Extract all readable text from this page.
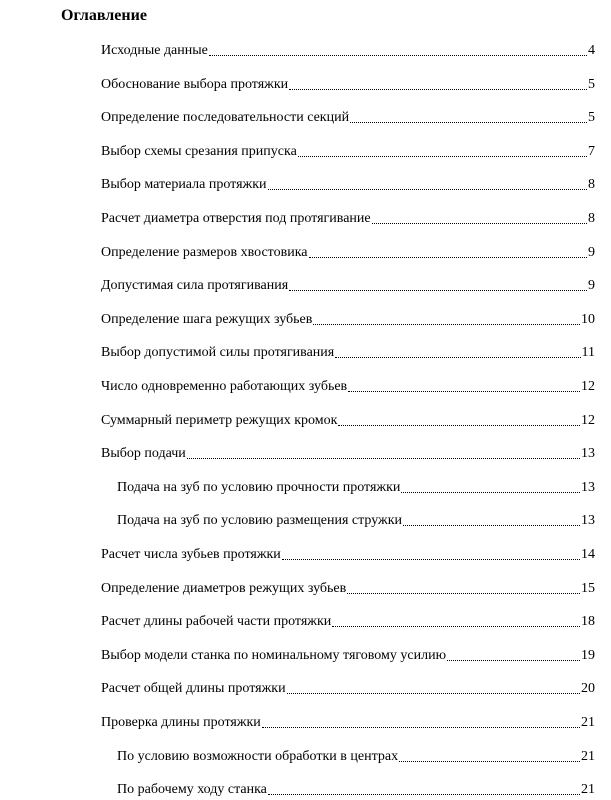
Оглавление
Исходные данные	4
Обоснование выбора протяжки	5
Определение последовательности секций	5
Выбор схемы срезания припуска	7
Выбор материала протяжки	8
Расчет диаметра отверстия под протягивание	8
Определение размеров хвостовика	9
Допустимая сила протягивания	9
Определение шага режущих зубьев	10
Выбор допустимой силы протягивания	11
Число одновременно работающих зубьев	12
Суммарный периметр режущих кромок	12
Выбор подачи	13
Подача на зуб по условию прочности протяжки	13
Подача на зуб по условию размещения стружки	13
Расчет числа зубьев протяжки	14
Определение диаметров режущих зубьев	15
Расчет длины рабочей части протяжки	18
Выбор модели станка по номинальному тяговому усилию	19
Расчет общей длины протяжки	20
Проверка длины протяжки	21
По условию возможности обработки в центрах	21
По рабочему ходу станка	21
